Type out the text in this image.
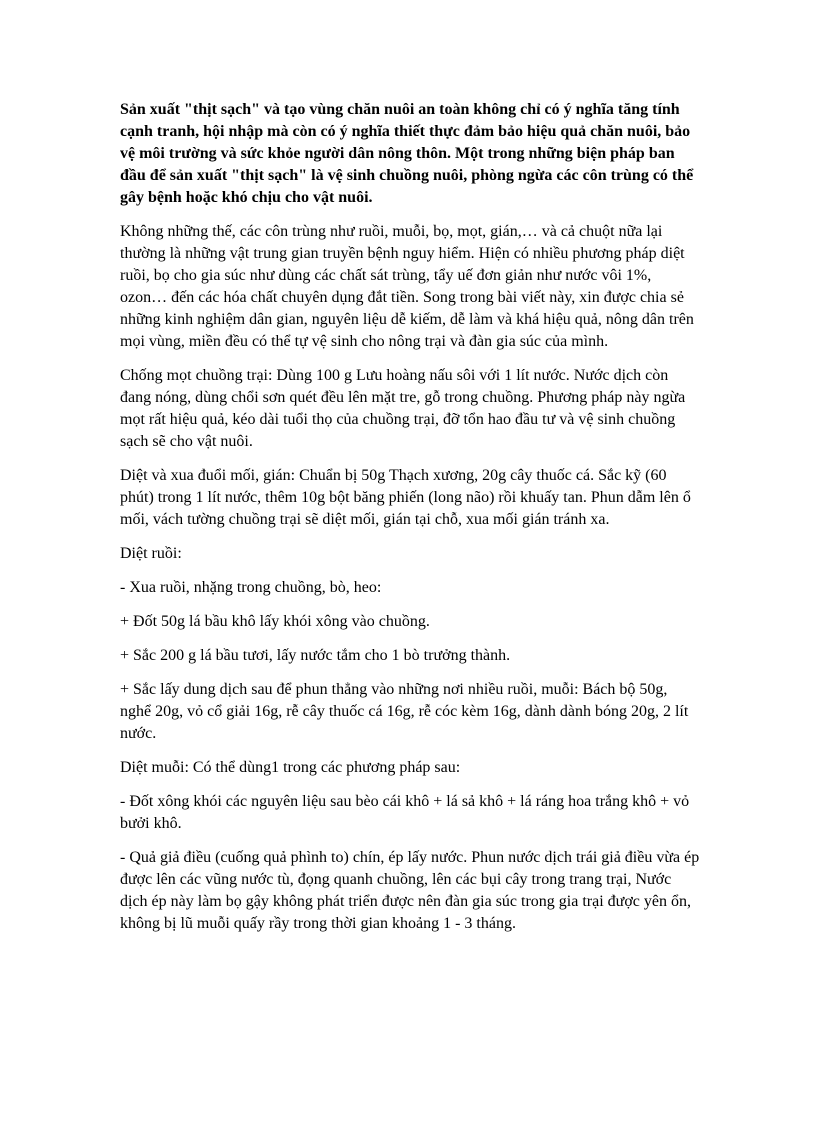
Sản xuất "thịt sạch" và tạo vùng chăn nuôi an toàn không chỉ có ý nghĩa tăng tính cạnh tranh, hội nhập mà còn có ý nghĩa thiết thực đảm bảo hiệu quả chăn nuôi, bảo vệ môi trường và sức khỏe người dân nông thôn. Một trong những biện pháp ban đầu để sản xuất "thịt sạch" là vệ sinh chuồng nuôi, phòng ngừa các côn trùng có thể gây bệnh hoặc khó chịu cho vật nuôi.

Không những thế, các côn trùng như ruồi, muỗi, bọ, mọt, gián,… và cả chuột nữa lại thường là những vật trung gian truyền bệnh nguy hiểm. Hiện có nhiều phương pháp diệt ruồi, bọ cho gia súc như dùng các chất sát trùng, tẩy uế đơn giản như nước vôi 1%, ozon… đến các hóa chất chuyên dụng đắt tiền. Song trong bài viết này, xin được chia sẻ những kinh nghiệm dân gian, nguyên liệu dễ kiếm, dễ làm và khá hiệu quả, nông dân trên mọi vùng, miền đều có thể tự vệ sinh cho nông trại và đàn gia súc của mình.

Chống mọt chuồng trại: Dùng 100 g Lưu hoàng nấu sôi với 1 lít nước. Nước dịch còn đang nóng, dùng chổi sơn quét đều lên mặt tre, gỗ trong chuồng. Phương pháp này ngừa mọt rất hiệu quả, kéo dài tuổi thọ của chuồng trại, đỡ tổn hao đầu tư và vệ sinh chuồng sạch sẽ cho vật nuôi.

Diệt và xua đuổi mối, gián: Chuẩn bị 50g Thạch xương, 20g cây thuốc cá. Sắc kỹ (60 phút) trong 1 lít nước, thêm 10g bột băng phiến (long não) rồi khuấy tan. Phun dẫm lên ổ mối, vách tường chuồng trại sẽ diệt mối, gián tại chỗ, xua mối gián tránh xa.

Diệt ruồi:

- Xua ruồi, nhặng trong chuồng, bò, heo:

+ Đốt 50g lá bầu khô lấy khói xông vào chuồng.

+ Sắc 200 g lá bầu tươi, lấy nước tắm cho 1 bò trưởng thành.

+ Sắc lấy dung dịch sau để phun thẳng vào những nơi nhiều ruồi, muỗi: Bách bộ 50g, nghể 20g, vỏ cổ giải 16g, rễ cây thuốc cá 16g, rễ cóc kèm 16g, dành dành bóng 20g, 2 lít nước.

Diệt muỗi: Có thể dùng1 trong các phương pháp sau:

- Đốt xông khói các nguyên liệu sau bèo cái khô + lá sả khô + lá ráng hoa trắng khô + vỏ bưởi khô.

- Quả giả điều (cuống quả phình to) chín, ép lấy nước. Phun nước dịch trái giả điều vừa ép được lên các vũng nước tù, đọng quanh chuồng, lên các bụi cây trong trang trại, Nước dịch ép này làm bọ gậy không phát triển được nên đàn gia súc trong gia trại được yên ổn, không bị lũ muỗi quấy rầy trong thời gian khoảng 1 - 3 tháng.
